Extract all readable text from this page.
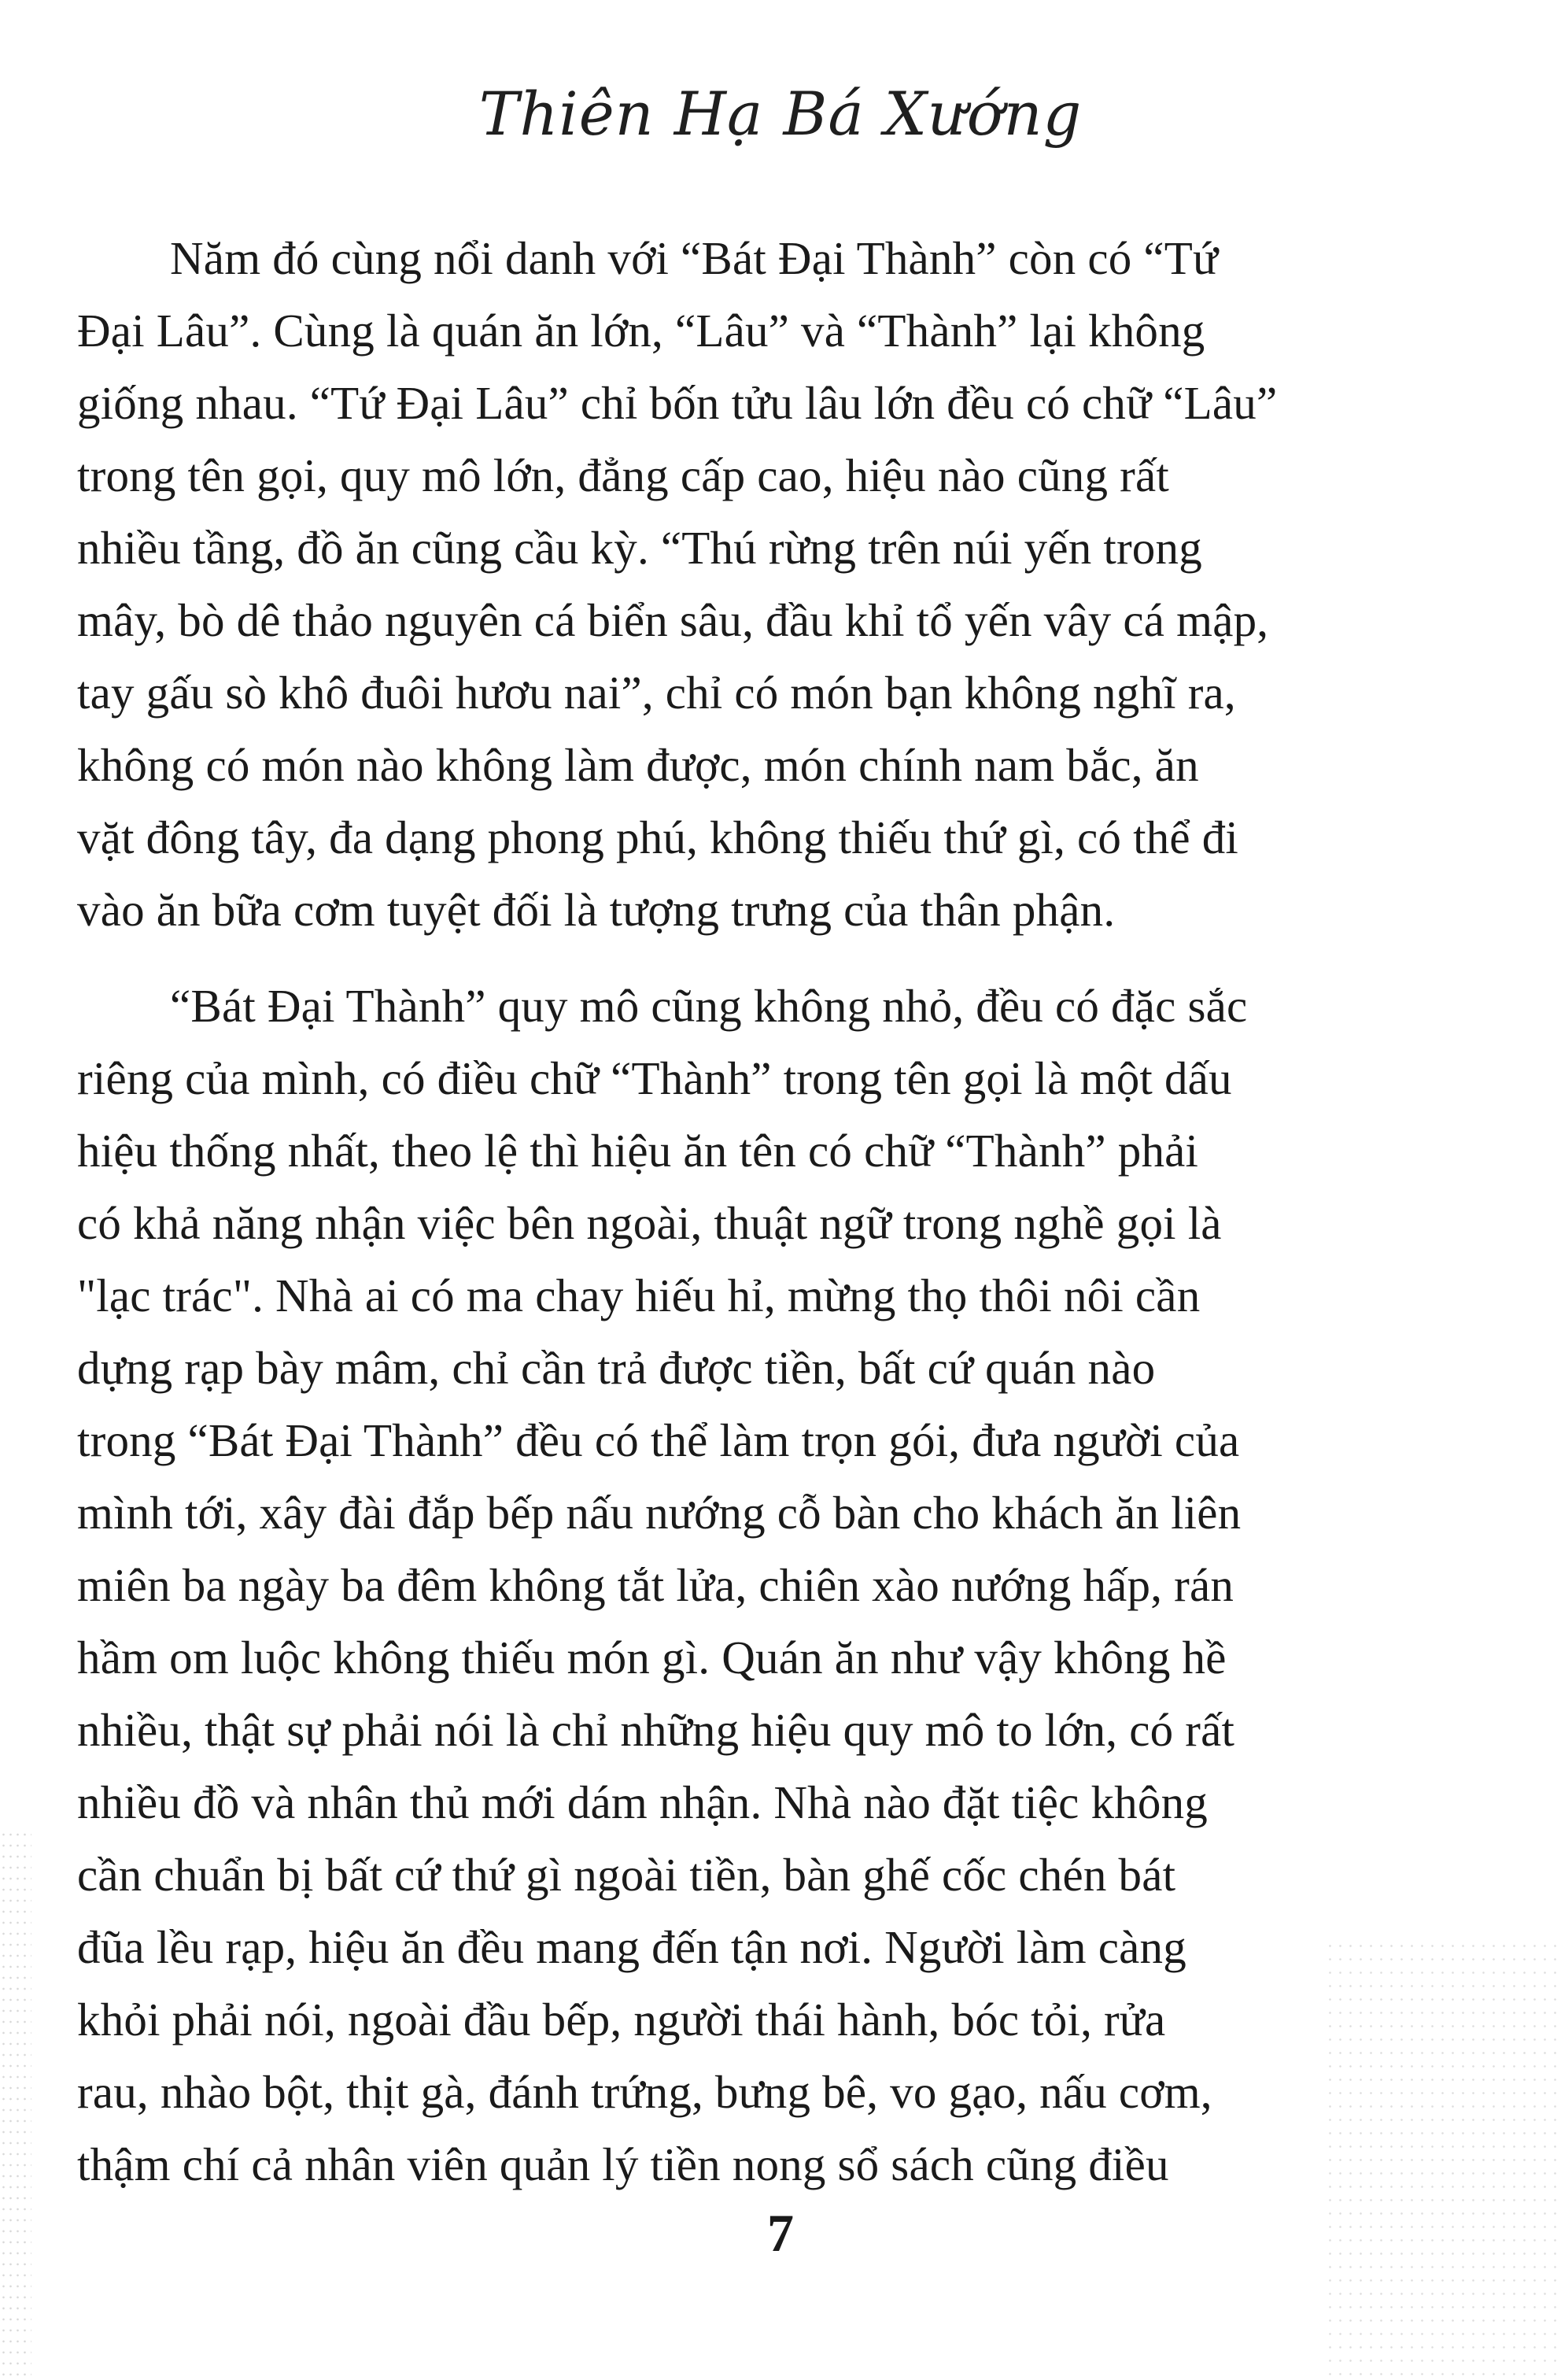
Thiên Hạ Bá Xướng

Năm đó cùng nổi danh với “Bát Đại Thành” còn có “Tứ
Đại Lâu”. Cùng là quán ăn lớn, “Lâu” và “Thành” lại không
giống nhau. “Tứ Đại Lâu” chỉ bốn tửu lâu lớn đều có chữ “Lâu”
trong tên gọi, quy mô lớn, đẳng cấp cao, hiệu nào cũng rất
nhiều tầng, đồ ăn cũng cầu kỳ. “Thú rừng trên núi yến trong
mây, bò dê thảo nguyên cá biển sâu, đầu khỉ tổ yến vây cá mập,
tay gấu sò khô đuôi hươu nai”, chỉ có món bạn không nghĩ ra,
không có món nào không làm được, món chính nam bắc, ăn
vặt đông tây, đa dạng phong phú, không thiếu thứ gì, có thể đi
vào ăn bữa cơm tuyệt đối là tượng trưng của thân phận.

“Bát Đại Thành” quy mô cũng không nhỏ, đều có đặc sắc
riêng của mình, có điều chữ “Thành” trong tên gọi là một dấu
hiệu thống nhất, theo lệ thì hiệu ăn tên có chữ “Thành” phải
có khả năng nhận việc bên ngoài, thuật ngữ trong nghề gọi là
"lạc trác". Nhà ai có ma chay hiếu hỉ, mừng thọ thôi nôi cần
dựng rạp bày mâm, chỉ cần trả được tiền, bất cứ quán nào
trong “Bát Đại Thành” đều có thể làm trọn gói, đưa người của
mình tới, xây đài đắp bếp nấu nướng cỗ bàn cho khách ăn liên
miên ba ngày ba đêm không tắt lửa, chiên xào nướng hấp, rán
hầm om luộc không thiếu món gì. Quán ăn như vậy không hề
nhiều, thật sự phải nói là chỉ những hiệu quy mô to lớn, có rất
nhiều đồ và nhân thủ mới dám nhận. Nhà nào đặt tiệc không
cần chuẩn bị bất cứ thứ gì ngoài tiền, bàn ghế cốc chén bát
đũa lều rạp, hiệu ăn đều mang đến tận nơi. Người làm càng
khỏi phải nói, ngoài đầu bếp, người thái hành, bóc tỏi, rửa
rau, nhào bột, thịt gà, đánh trứng, bưng bê, vo gạo, nấu cơm,
thậm chí cả nhân viên quản lý tiền nong sổ sách cũng điều

7
